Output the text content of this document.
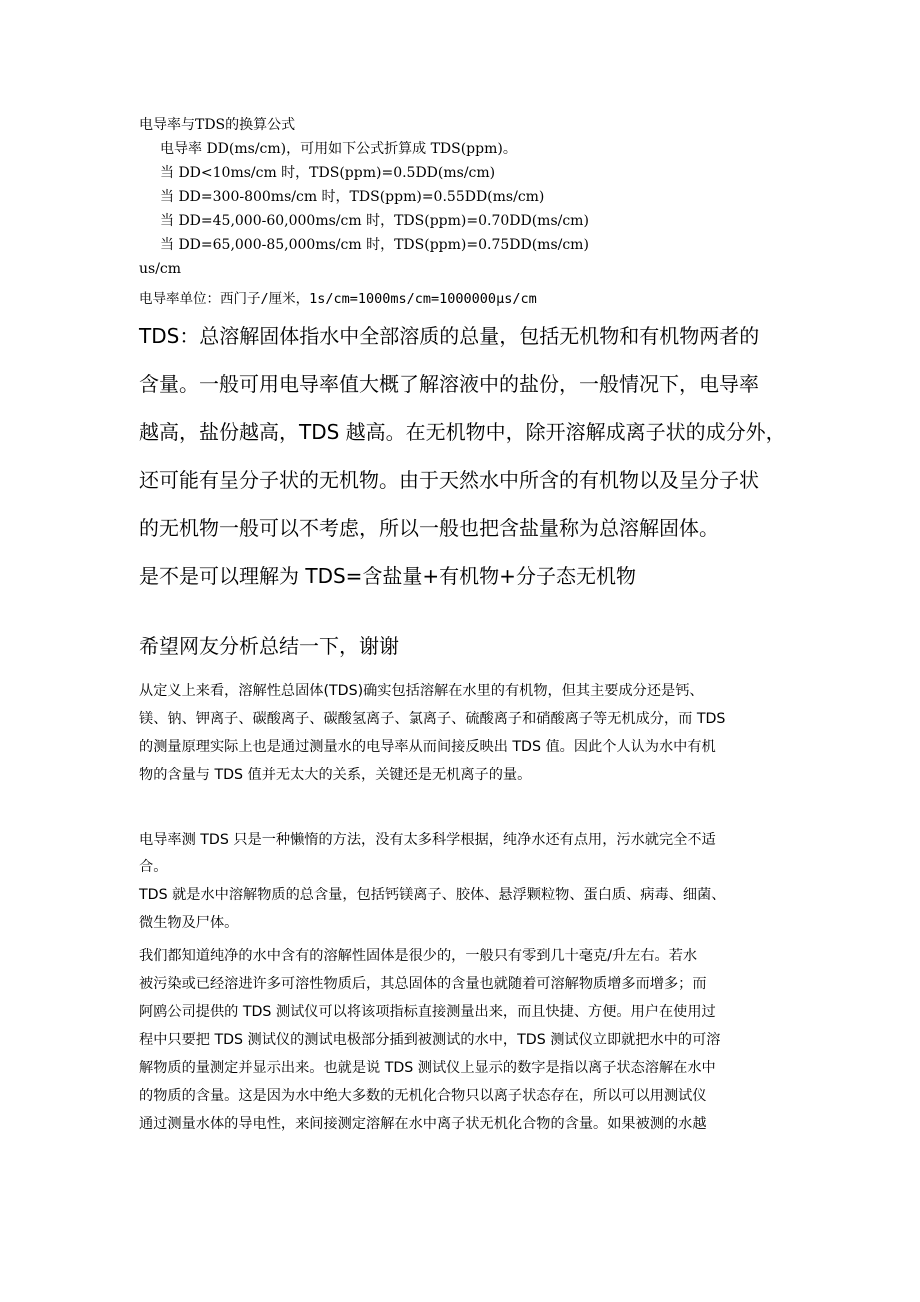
电导率与TDS的换算公式
电导率 DD(ms/cm)，可用如下公式折算成 TDS(ppm)。
当 DD<10ms/cm 时，TDS(ppm)=0.5DD(ms/cm)
当 DD=300-800ms/cm 时，TDS(ppm)=0.55DD(ms/cm)
当 DD=45,000-60,000ms/cm 时，TDS(ppm)=0.70DD(ms/cm)
当 DD=65,000-85,000ms/cm 时，TDS(ppm)=0.75DD(ms/cm)
us/cm
电导率单位：西门子/厘米，1s/cm=1000ms/cm=1000000μs/cm
TDS：总溶解固体指水中全部溶质的总量，包括无机物和有机物两者的
含量。一般可用电导率值大概了解溶液中的盐份，一般情况下，电导率
越高，盐份越高，TDS 越高。在无机物中，除开溶解成离子状的成分外，
还可能有呈分子状的无机物。由于天然水中所含的有机物以及呈分子状
的无机物一般可以不考虑，所以一般也把含盐量称为总溶解固体。
是不是可以理解为 TDS=含盐量+有机物+分子态无机物
希望网友分析总结一下，谢谢
从定义上来看，溶解性总固体(TDS)确实包括溶解在水里的有机物，但其主要成分还是钙、
镁、钠、钾离子、碳酸离子、碳酸氢离子、氯离子、硫酸离子和硝酸离子等无机成分，而 TDS
的测量原理实际上也是通过测量水的电导率从而间接反映出 TDS 值。因此个人认为水中有机
物的含量与 TDS 值并无太大的关系，关键还是无机离子的量。
电导率测 TDS 只是一种懒惰的方法，没有太多科学根据，纯净水还有点用，污水就完全不适
合。
TDS 就是水中溶解物质的总含量，包括钙镁离子、胶体、悬浮颗粒物、蛋白质、病毒、细菌、
微生物及尸体。
我们都知道纯净的水中含有的溶解性固体是很少的，一般只有零到几十毫克/升左右。若水
被污染或已经溶进许多可溶性物质后，其总固体的含量也就随着可溶解物质增多而增多；而
阿鸥公司提供的 TDS 测试仪可以将该项指标直接测量出来，而且快捷、方便。用户在使用过
程中只要把 TDS 测试仪的测试电极部分插到被测试的水中，TDS 测试仪立即就把水中的可溶
解物质的量测定并显示出来。也就是说 TDS 测试仪上显示的数字是指以离子状态溶解在水中
的物质的含量。这是因为水中绝大多数的无机化合物只以离子状态存在，所以可以用测试仪
通过测量水体的导电性，来间接测定溶解在水中离子状无机化合物的含量。如果被测的水越
